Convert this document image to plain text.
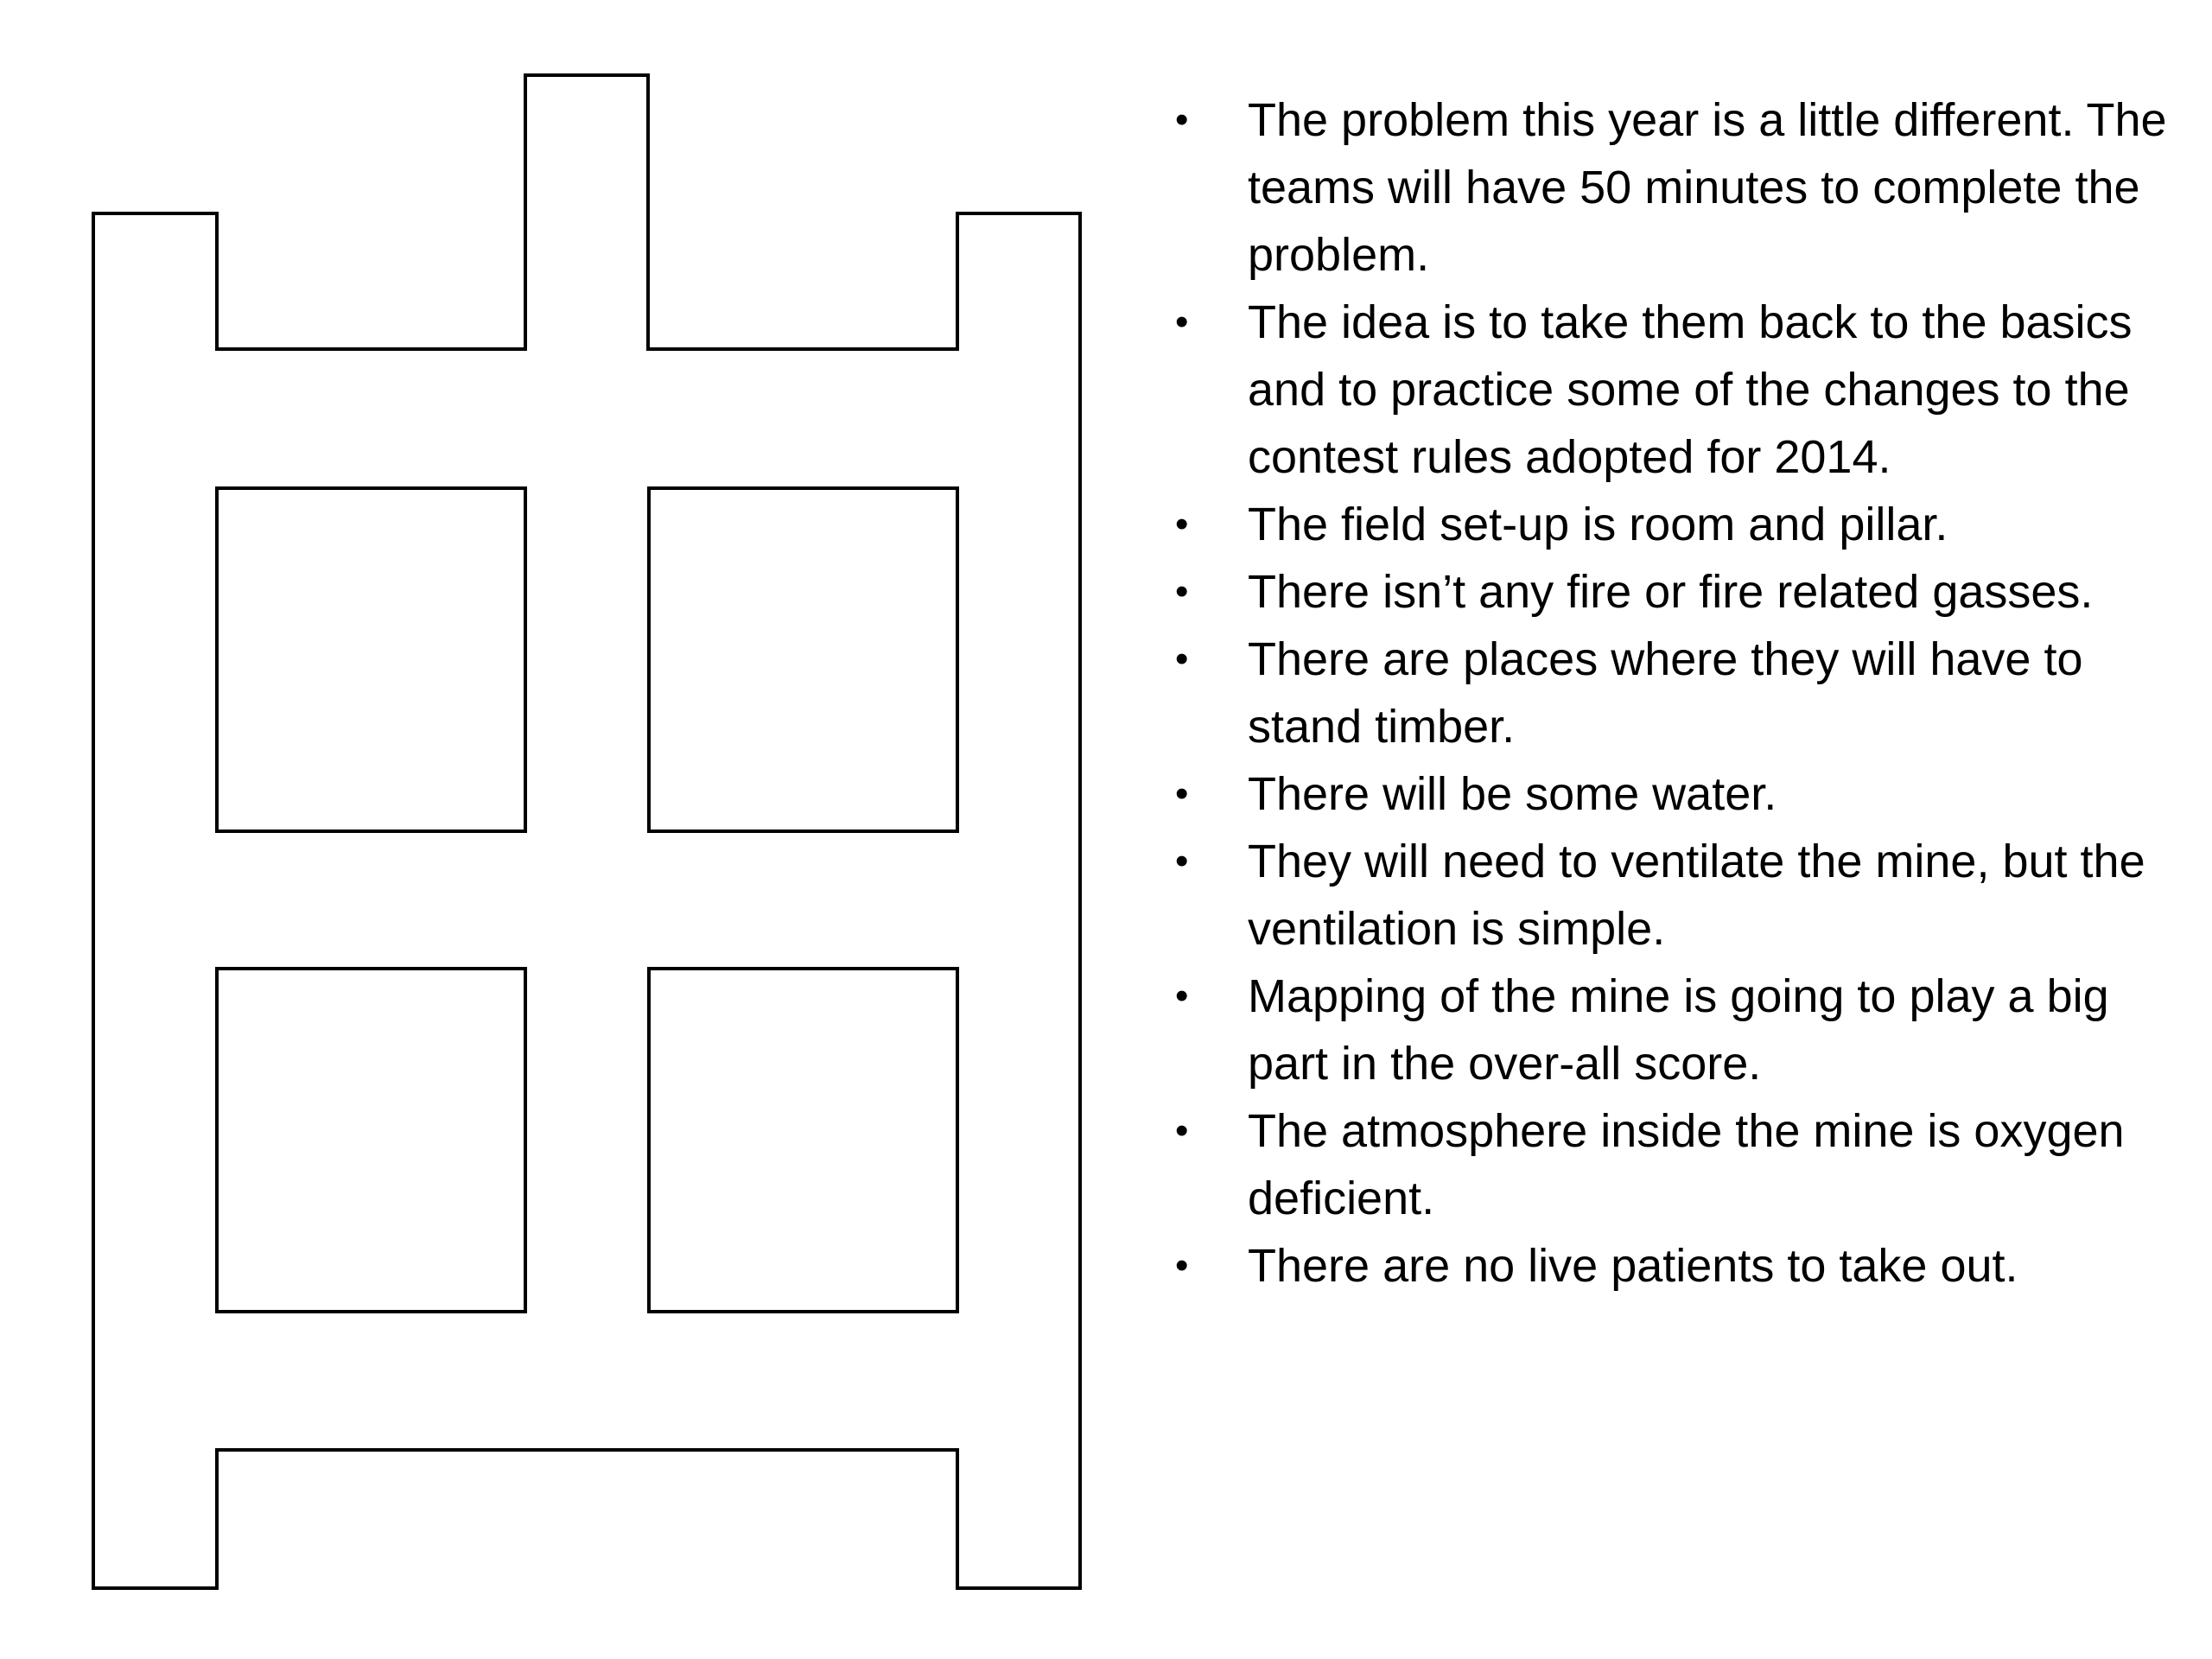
•	The problem this year is a little different. The teams will have 50 minutes to complete the problem.
•	The idea is to take them back to the basics and to practice some of the changes to the contest rules adopted for 2014.
•	The field set-up is room and pillar.
•	There isn’t any fire or fire related gasses.
•	There are places where they will have to stand timber.
•	There will be some water.
•	They will need to ventilate the mine, but the ventilation is simple.
•	Mapping of the mine is going to play a big part in the over-all score.
•	The atmosphere inside the mine is oxygen deficient.
•	There are no live patients to take out.
